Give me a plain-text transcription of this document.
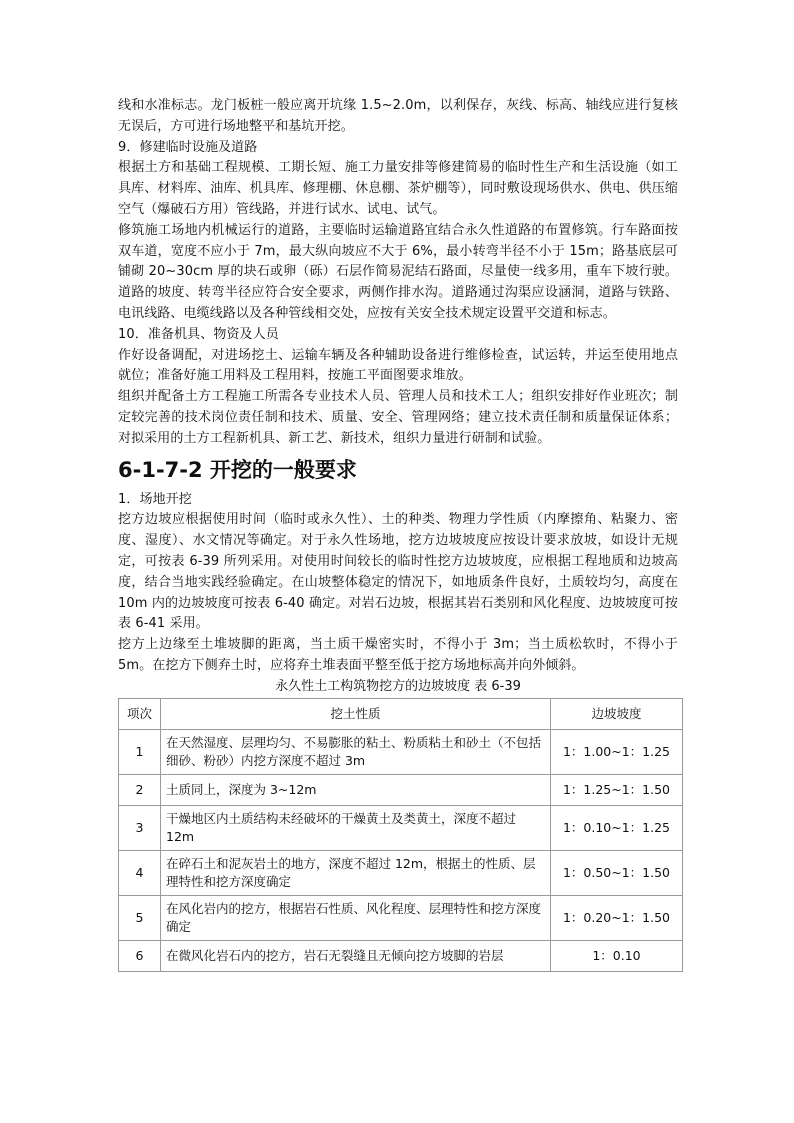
线和水准标志。龙门板桩一般应离开坑缘 1.5~2.0m，以利保存，灰线、标高、轴线应进行复核无误后，方可进行场地整平和基坑开挖。

9．修建临时设施及道路

根据土方和基础工程规模、工期长短、施工力量安排等修建简易的临时性生产和生活设施（如工具库、材料库、油库、机具库、修理棚、休息棚、茶炉棚等），同时敷设现场供水、供电、供压缩空气（爆破石方用）管线路，并进行试水、试电、试气。

修筑施工场地内机械运行的道路，主要临时运输道路宜结合永久性道路的布置修筑。行车路面按双车道，宽度不应小于 7m，最大纵向坡应不大于 6%，最小转弯半径不小于 15m；路基底层可铺砌 20~30cm 厚的块石或卵（砾）石层作简易泥结石路面，尽量使一线多用，重车下坡行驶。道路的坡度、转弯半径应符合安全要求，两侧作排水沟。道路通过沟渠应设涵洞，道路与铁路、电讯线路、电缆线路以及各种管线相交处，应按有关安全技术规定设置平交道和标志。

10．准备机具、物资及人员

作好设备调配，对进场挖土、运输车辆及各种辅助设备进行维修检查，试运转，并运至使用地点就位；准备好施工用料及工程用料，按施工平面图要求堆放。

组织并配备土方工程施工所需各专业技术人员、管理人员和技术工人；组织安排好作业班次；制定较完善的技术岗位责任制和技术、质量、安全、管理网络；建立技术责任制和质量保证体系；对拟采用的土方工程新机具、新工艺、新技术，组织力量进行研制和试验。

6-1-7-2 开挖的一般要求

1．场地开挖

挖方边坡应根据使用时间（临时或永久性）、土的种类、物理力学性质（内摩擦角、粘聚力、密度、湿度）、水文情况等确定。对于永久性场地，挖方边坡坡度应按设计要求放坡，如设计无规定，可按表 6-39 所列采用。对使用时间较长的临时性挖方边坡坡度，应根据工程地质和边坡高度，结合当地实践经验确定。在山坡整体稳定的情况下，如地质条件良好，土质较均匀，高度在 10m 内的边坡坡度可按表 6-40 确定。对岩石边坡，根据其岩石类别和风化程度、边坡坡度可按表 6-41 采用。

挖方上边缘至土堆坡脚的距离，当土质干燥密实时，不得小于 3m；当土质松软时，不得小于 5m。在挖方下侧弃土时，应将弃土堆表面平整至低于挖方场地标高并向外倾斜。

永久性土工构筑物挖方的边坡坡度 表 6-39
项次	挖土性质	边坡坡度
1	在天然湿度、层理均匀、不易膨胀的粘土、粉质粘土和砂土（不包括细砂、粉砂）内挖方深度不超过 3m	1：1.00~1：1.25
2	土质同上，深度为 3~12m	1：1.25~1：1.50
3	干燥地区内土质结构未经破坏的干燥黄土及类黄土，深度不超过 12m	1：0.10~1：1.25
4	在碎石土和泥灰岩土的地方，深度不超过 12m，根据土的性质、层理特性和挖方深度确定	1：0.50~1：1.50
5	在风化岩内的挖方，根据岩石性质、风化程度、层理特性和挖方深度确定	1：0.20~1：1.50
6	在微风化岩石内的挖方，岩石无裂缝且无倾向挖方坡脚的岩层	1：0.10
